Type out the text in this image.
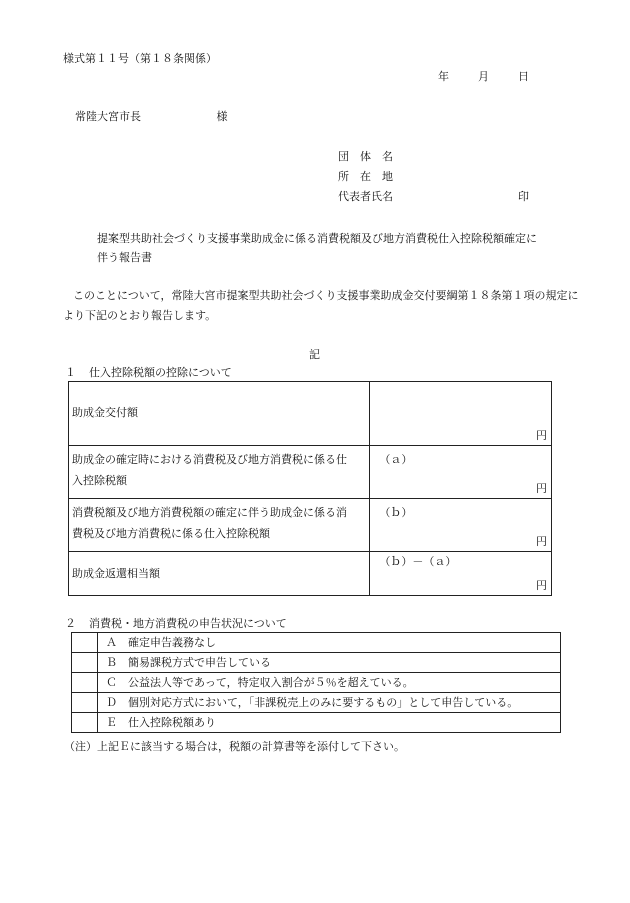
様式第１１号（第１８条関係）
年	月	日
常陸大宮市長	様
団　体　名
所　在　地
代表者氏名	印
提案型共助社会づくり支援事業助成金に係る消費税額及び地方消費税仕入控除税額確定に
伴う報告書
このことについて，常陸大宮市提案型共助社会づくり支援事業助成金交付要綱第１８条第１項の規定により下記のとおり報告します。
記
１ 仕入控除税額の控除について
助成金交付額	円

助成金の確定時における消費税及び地方消費税に係る仕
入控除税額	（ａ）
円

消費税額及び地方消費税額の確定に伴う助成金に係る消
費税及び地方消費税に係る仕入控除税額	（ｂ）
円

助成金返還相当額	（ｂ）－（ａ）
円
２ 消費税・地方消費税の申告状況について
	Ａ 確定申告義務なし
	Ｂ 簡易課税方式で申告している
	Ｃ 公益法人等であって，特定収入割合が５％を超えている。
	Ｄ 個別対応方式において，「非課税売上のみに要するもの」として申告している。
	Ｅ 仕入控除税額あり
（注）上記Ｅに該当する場合は，税額の計算書等を添付して下さい。
